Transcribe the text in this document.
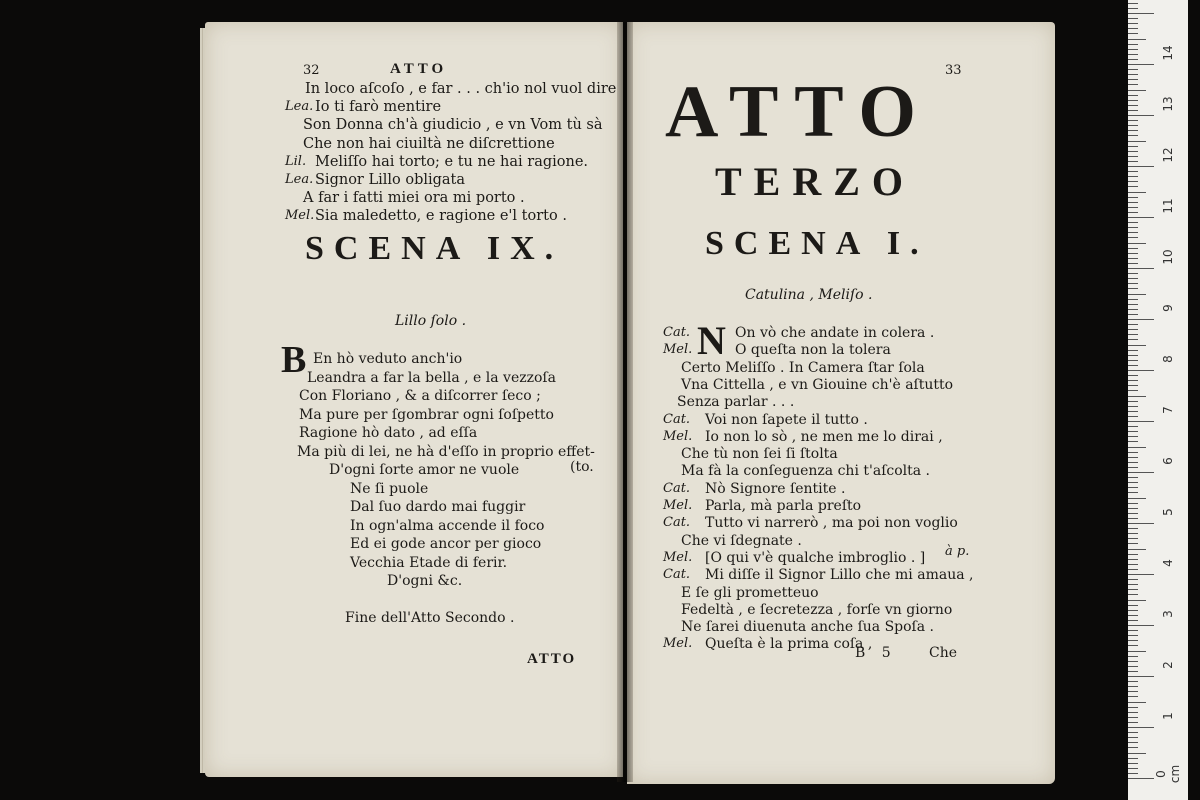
32	ATTO
In loco aſcoſo , e far . . . ch'io nol vuol dire
Lea. Io ti farò mentire
Son Donna ch'à giudicio , e vn Vom tù sà
Che non hai ciuiltà ne diſcrettione
Lil. Meliſſo hai torto; e tu ne hai ragione.
Lea. Signor Lillo obligata
A far i fatti miei ora mi porto .
Mel. Sia maledetto, e ragione e'l torto .
SCENA IX.
Lillo ſolo .
B En hò veduto anch'io
Leandra a far la bella , e la vezzoſa
Con Floriano , & a diſcorrer ſeco ;
Ma pure per ſgombrar ogni ſoſpetto
Ragione hò dato , ad eſſa
Ma più di lei, ne hà d'eſſo in proprio effet-
D'ogni ſorte amor ne vuole
Ne ſi puole
Dal ſuo dardo mai fuggir
In ogn'alma accende il foco
Ed ei gode ancor per gioco
Vecchia Etade di ferir.
D'ogni &c.
(to.
Fine dell'Atto Secondo .
ATTO
33
ATTO
TERZO
SCENA I.
Catulina , Meliſo .
N
Cat.	On vò che andate in colera .
Mel.	O queſta non la tolera
Certo Meliſſo . In Camera ſtar ſola
Vna Cittella , e vn Giouine ch'è aſtutto
Senza parlar . . .
Cat. Voi non ſapete il tutto .
Mel. Io non lo sò , ne men me lo dirai ,
Che tù non ſei ſi ſtolta
Ma fà la conſeguenza chi t'aſcolta .
Cat. Nò Signore ſentite .
Mel. Parla, mà parla preſto
Cat. Tutto vi narrerò , ma poi non voglio
Che vi ſdegnate .
Mel. [O qui v'è qualche imbroglio . ]
Cat. Mi diſſe il Signor Lillo che mi amaua ,
E ſe gli prometteuo
Fedeltà , e ſecretezza , forſe vn giorno
Ne ſarei diuenuta anche ſua Spoſa .
Mel. Queſta è la prima coſa ,
à p.
B 5 Che
0 cm
1
2
3
4
5
6
7
8
9
10
11
12
13
14
